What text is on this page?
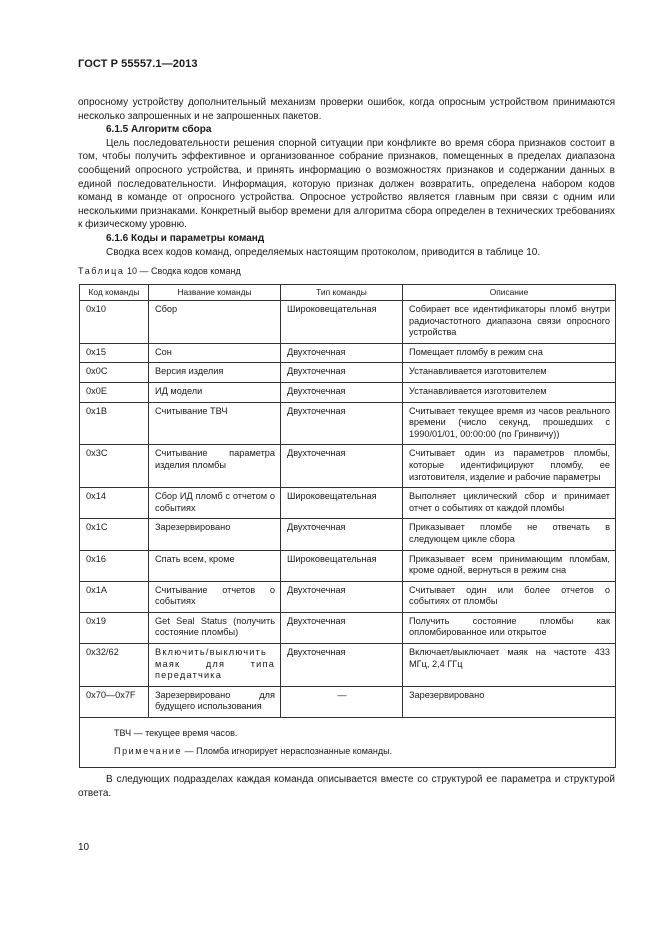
ГОСТ Р 55557.1—2013

опросному устройству дополнительный механизм проверки ошибок, когда опросным устройством принимаются несколько запрошенных и не запрошенных пакетов.

6.1.5 Алгоритм сбора

Цель последовательности решения спорной ситуации при конфликте во время сбора признаков состоит в том, чтобы получить эффективное и организованное собрание признаков, помещенных в пределах диапазона сообщений опросного устройства, и принять информацию о возможностях признаков и содержании данных в единой последовательности. Информация, которую признак должен возвратить, определена набором кодов команд в команде от опросного устройства. Опросное устройство является главным при связи с одним или несколькими признаками. Конкретный выбор времени для алгоритма сбора определен в технических требованиях к физическому уровню.

6.1.6 Коды и параметры команд

Сводка всех кодов команд, определяемых настоящим протоколом, приводится в таблице 10.

Таблица 10 — Сводка кодов команд
Код команды	Название команды	Тип команды	Описание
0x10	Сбор	Широковещательная	Собирает все идентификаторы пломб внутри радиочастотного диапазона связи опросного устройства
0x15	Сон	Двухточечная	Помещает пломбу в режим сна
0x0C	Версия изделия	Двухточечная	Устанавливается изготовителем
0x0E	ИД модели	Двухточечная	Устанавливается изготовителем
0x1B	Считывание ТВЧ	Двухточечная	Считывает текущее время из часов реального времени (число секунд, прошедших с 1990/01/01, 00:00:00 (по Гринвичу))
0x3C	Считывание параметра изделия пломбы	Двухточечная	Считывает один из параметров пломбы, которые идентифицируют пломбу, ее изготовителя, изделие и рабочие параметры
0x14	Сбор ИД пломб с отчетом о событиях	Широковещательная	Выполняет циклический сбор и принимает отчет о событиях от каждой пломбы
0x1C	Зарезервировано	Двухточечная	Приказывает пломбе не отвечать в следующем цикле сбора
0x16	Спать всем, кроме	Широковещательная	Приказывает всем принимающим пломбам, кроме одной, вернуться в режим сна
0x1A	Считывание отчетов о событиях	Двухточечная	Считывает один или более отчетов о событиях от пломбы
0x19	Get Seal Status (получить состояние пломбы)	Двухточечная	Получить состояние пломбы как опломбированное или открытое
0x32/62	Включить/выключить маяк для типа передатчика	Двухточечная	Включает/выключает маяк на частоте 433 МГц, 2,4 ГГц
0x70—0x7F	Зарезервировано для будущего использования	—	Зарезервировано

ТВЧ — текущее время часов.
Примечание — Пломба игнорирует нераспознанные команды.			

В следующих подразделах каждая команда описывается вместе со структурой ее параметра и структурой ответа.

10
